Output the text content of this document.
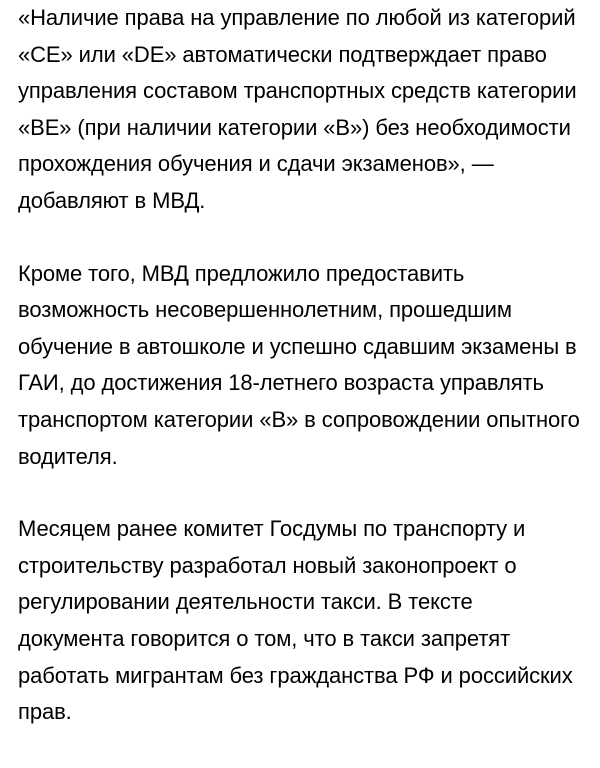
«Наличие права на управление по любой из категорий «CE» или «DE» автоматически подтверждает право управления составом транспортных средств категории «BE» (при наличии категории «B») без необходимости прохождения обучения и сдачи экзаменов», — добавляют в МВД.

Кроме того, МВД предложило предоставить возможность несовершеннолетним, прошедшим обучение в автошколе и успешно сдавшим экзамены в ГАИ, до достижения 18-летнего возраста управлять транспортом категории «B» в сопровождении опытного водителя.

Месяцем ранее комитет Госдумы по транспорту и строительству разработал новый законопроект о регулировании деятельности такси. В тексте документа говорится о том, что в такси запретят работать мигрантам без гражданства РФ и российских прав.
